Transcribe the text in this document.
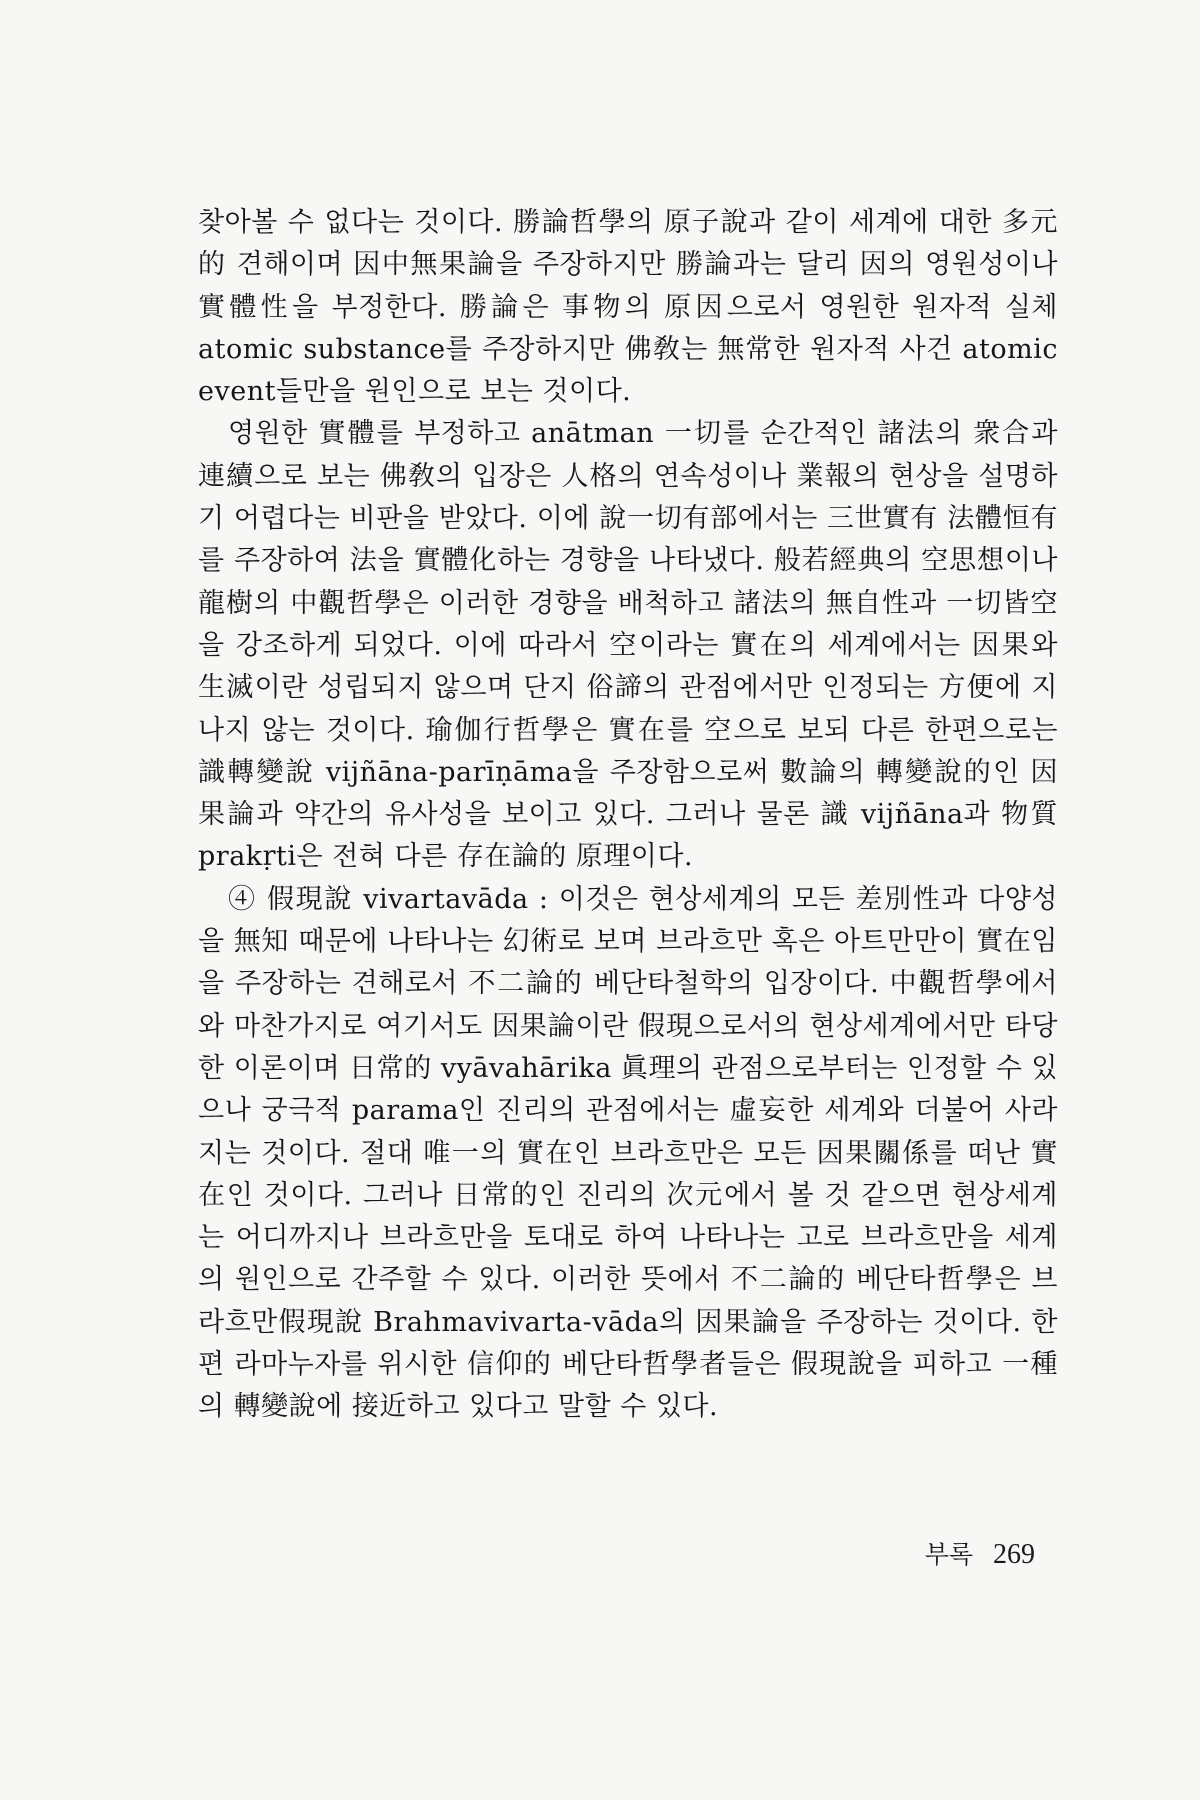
찾아볼 수 없다는 것이다. 勝論哲學의 原子說과 같이 세계에 대한 多元的 견해이며 因中無果論을 주장하지만 勝論과는 달리 因의 영원성이나 實體性을 부정한다. 勝論은 事物의 原因으로서 영원한 원자적 실체 atomic substance를 주장하지만 佛敎는 無常한 원자적 사건 atomic event들만을 원인으로 보는 것이다.

영원한 實體를 부정하고 anātman 一切를 순간적인 諸法의 衆合과 連續으로 보는 佛敎의 입장은 人格의 연속성이나 業報의 현상을 설명하기 어렵다는 비판을 받았다. 이에 說一切有部에서는 三世實有 法體恒有를 주장하여 法을 實體化하는 경향을 나타냈다. 般若經典의 空思想이나 龍樹의 中觀哲學은 이러한 경향을 배척하고 諸法의 無自性과 一切皆空을 강조하게 되었다. 이에 따라서 空이라는 實在의 세계에서는 因果와 生滅이란 성립되지 않으며 단지 俗諦의 관점에서만 인정되는 方便에 지나지 않는 것이다. 瑜伽行哲學은 實在를 空으로 보되 다른 한편으로는 識轉變說 vijñāna-parīṇāma을 주장함으로써 數論의 轉變說的인 因果論과 약간의 유사성을 보이고 있다. 그러나 물론 識 vijñāna과 物質 prakṛti은 전혀 다른 存在論的 原理이다.

④ 假現說 vivartavāda : 이것은 현상세계의 모든 差別性과 다양성을 無知 때문에 나타나는 幻術로 보며 브라흐만 혹은 아트만만이 實在임을 주장하는 견해로서 不二論的 베단타철학의 입장이다. 中觀哲學에서와 마찬가지로 여기서도 因果論이란 假現으로서의 현상세계에서만 타당한 이론이며 日常的 vyāvahārika 眞理의 관점으로부터는 인정할 수 있으나 궁극적 parama인 진리의 관점에서는 虛妄한 세계와 더불어 사라지는 것이다. 절대 唯一의 實在인 브라흐만은 모든 因果關係를 떠난 實在인 것이다. 그러나 日常的인 진리의 次元에서 볼 것 같으면 현상세계는 어디까지나 브라흐만을 토대로 하여 나타나는 고로 브라흐만을 세계의 원인으로 간주할 수 있다. 이러한 뜻에서 不二論的 베단타哲學은 브라흐만假現說 Brahmavivarta-vāda의 因果論을 주장하는 것이다. 한편 라마누자를 위시한 信仰的 베단타哲學者들은 假現說을 피하고 一種의 轉變說에 接近하고 있다고 말할 수 있다.

부록 269
